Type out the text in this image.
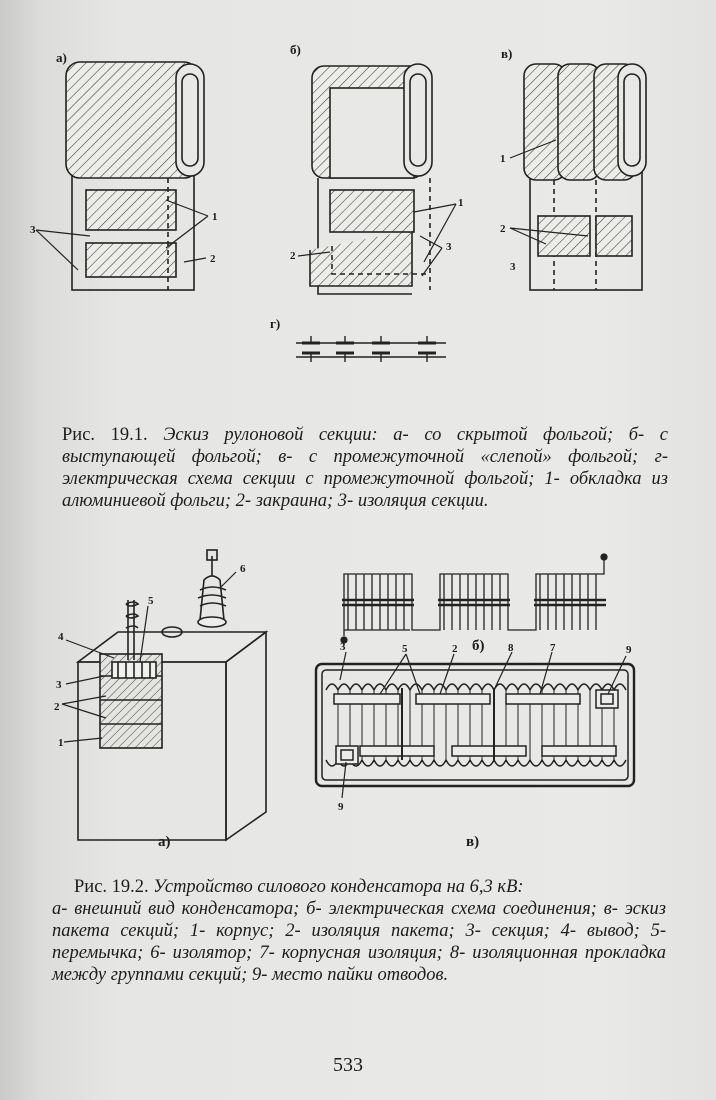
а)
б)	в)
г)
1
2
3
1
2
3
1
2
3
Рис. 19.1. Эскиз рулоновой секции: а- со скрытой фольгой; б- с выступающей фольгой; в- с промежуточной «слепой» фольгой; г- электрическая схема секции с промежуточной фольгой; 1- обкладка из алюминиевой фольги; 2- закраина; 3- изоляция секции.
4
3
2
1
5
6
3	5	2	8	7	9
9
б)
а)	в)
Рис. 19.2. Устройство силового конденсатора на 6,3 кВ:
а- внешний вид конденсатора; б- электрическая схема соединения; в- эскиз пакета секций; 1- корпус; 2- изоляция пакета; 3- секция; 4- вывод; 5- перемычка; 6- изолятор; 7- корпусная изоляция; 8- изоляционная прокладка между группами секций; 9- место пайки отводов.
533
